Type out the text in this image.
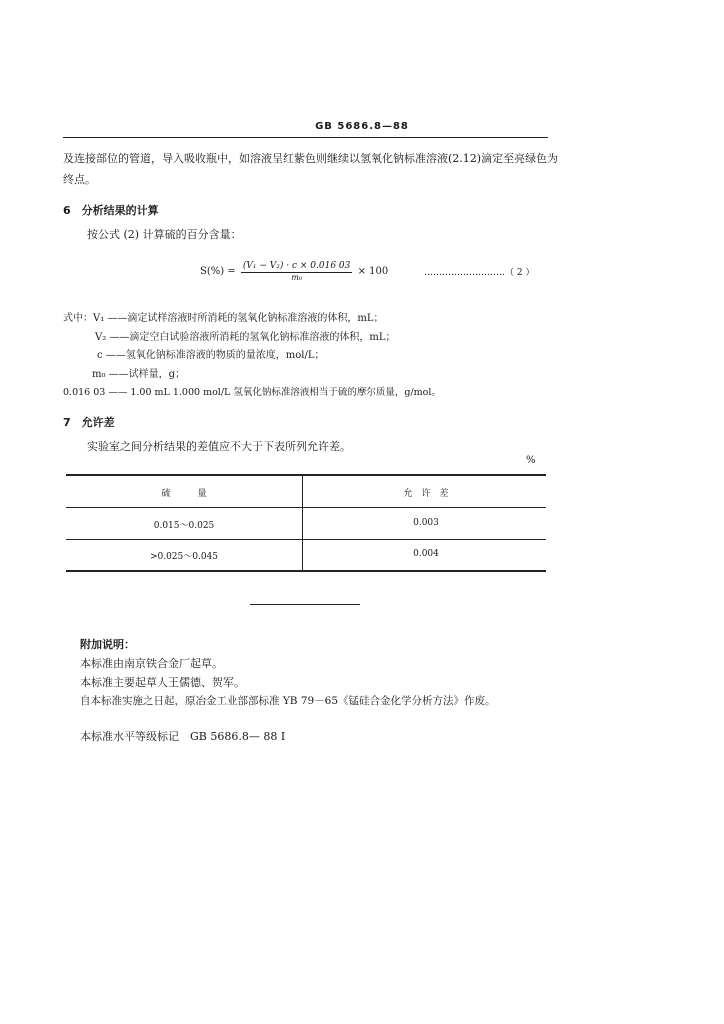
GB 5686.8—88
及连接部位的管道，导入吸收瓶中，如溶液呈红紫色则继续以氢氧化钠标准溶液(2.12)滴定至亮绿色为
终点。
6　分析结果的计算
按公式 (2) 计算硫的百分含量：
$S(\%) = \frac{\text{(V₁ − V₂) · c × 0.016 03}}{\text{m₀}} \times 100$	………………………（ 2 ）
式中：V₁ ——滴定试样溶液时所消耗的氢氧化钠标准溶液的体积，mL；
V₂ ——滴定空白试验溶液所消耗的氢氧化钠标准溶液的体积，mL；
c ——氢氧化钠标准溶液的物质的量浓度，mol/L；
m₀ ——试样量，g；
0.016 03 —— 1.00 mL 1.000 mol/L 氢氧化钠标准溶液相当于硫的摩尔质量，g/mol。
7　允许差
实验室之间分析结果的差值应不大于下表所列允许差。
%
硫　　　量	允　许　差
0.015～0.025	0.003
>0.025～0.045	0.004
附加说明：
本标准由南京铁合金厂起草。
本标准主要起草人王儒德、贺军。
自本标准实施之日起，原冶金工业部部标准 YB 79－65《锰硅合金化学分析方法》作废。
本标准水平等级标记　GB 5686.8— 88 I
